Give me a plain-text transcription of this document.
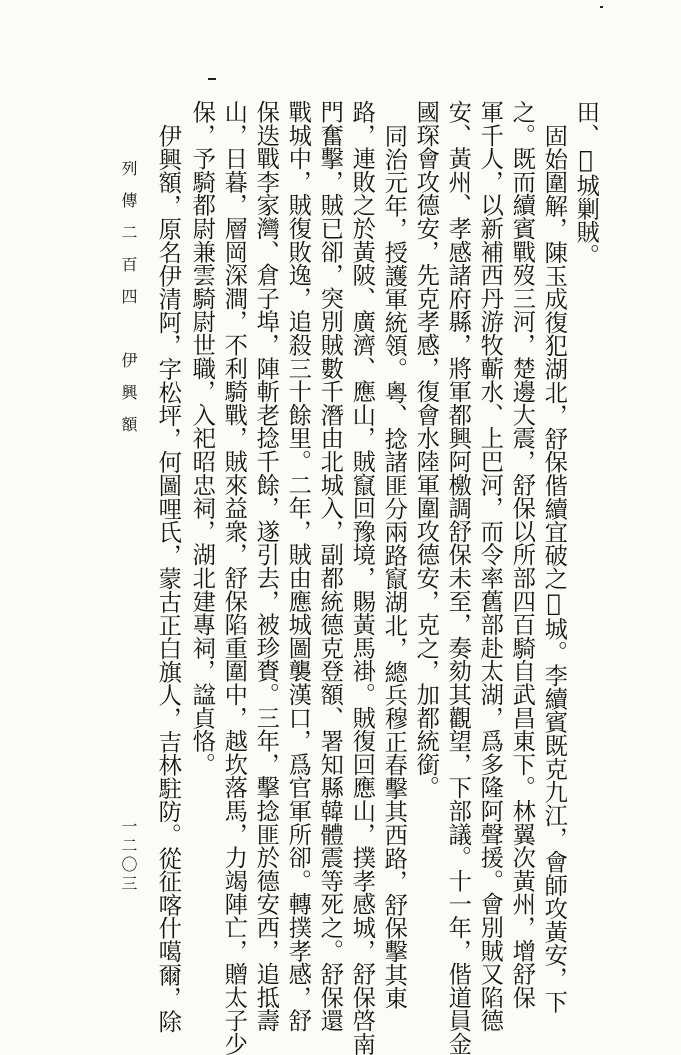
田、𢈪城剿賊。
固始圍解，陳玉成復犯湖北，舒保偕續宜破之𢈪城。李續賓既克九江，會師攻黃安，下
之。既而續賓戰歿三河，楚邊大震，舒保以所部四百騎自武昌東下。林翼次黃州，增舒保
軍千人，以新補西丹游牧蘄水、上巴河，而令率舊部赴太湖，爲多隆阿聲援。會別賊又陷德
安、黃州、孝感諸府縣，將軍都興阿檄調舒保未至，奏劾其觀望，下部議。十一年，偕道員金
國琛會攻德安，先克孝感，復會水陸軍圍攻德安，克之，加都統銜。
同治元年，授護軍統領。粵、捻諸匪分兩路竄湖北，總兵穆正春擊其西路，舒保擊其東
路，連敗之於黃陂、廣濟、應山，賊竄回豫境，賜黃馬褂。賊復回應山，撲孝感城，舒保啓南
門奮擊，賊已卻，突別賊數千潛由北城入，副都統德克登額、署知縣韓體震等死之。舒保還
戰城中，賊復敗逸，追殺三十餘里。二年，賊由應城圖襲漢口，爲官軍所卻。轉撲孝感，舒
保迭戰李家灣、倉子埠，陣斬老捻千餘，遂引去，被珍賚。三年，擊捻匪於德安西，追抵壽
山，日暮，層岡深澗，不利騎戰，賊來益衆，舒保陷重圍中，越坎落馬，力竭陣亡，贈太子少
保，予騎都尉兼雲騎尉世職，入祀昭忠祠，湖北建專祠，諡貞恪。
列傳二百四　伊興額 伊興額，原名伊清阿，字松坪，何圖哩氏，蒙古正白旗人，吉林駐防。從征喀什噶爾，除
一二〇三
